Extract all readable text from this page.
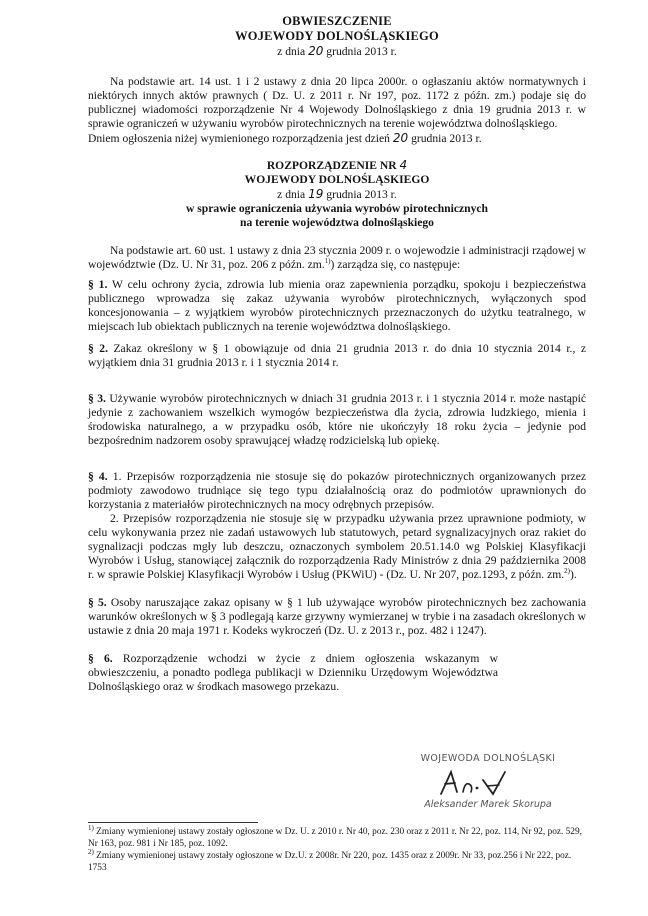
OBWIESZCZENIE
WOJEWODY DOLNOŚLĄSKIEGO
z dnia 20 grudnia 2013 r.

Na podstawie art. 14 ust. 1 i 2 ustawy z dnia 20 lipca 2000r. o ogłaszaniu aktów normatywnych i niektórych innych aktów prawnych ( Dz. U. z 2011 r. Nr 197, poz. 1172 z późn. zm.) podaje się do publicznej wiadomości rozporządzenie Nr 4 Wojewody Dolnośląskiego z dnia 19 grudnia 2013 r. w sprawie ograniczeń w używaniu wyrobów pirotechnicznych na terenie województwa dolnośląskiego.

Dniem ogłoszenia niżej wymienionego rozporządzenia jest dzień 20 grudnia 2013 r.

ROZPORZĄDZENIE NR 4
WOJEWODY DOLNOŚLĄSKIEGO
z dnia 19 grudnia 2013 r.
w sprawie ograniczenia używania wyrobów pirotechnicznych
na terenie województwa dolnośląskiego

Na podstawie art. 60 ust. 1 ustawy z dnia 23 stycznia 2009 r. o wojewodzie i administracji rządowej w województwie (Dz. U. Nr 31, poz. 206 z późn. zm.$^{1)}$) zarządza się, co następuje:

§ 1. W celu ochrony życia, zdrowia lub mienia oraz zapewnienia porządku, spokoju i bezpieczeństwa publicznego wprowadza się zakaz używania wyrobów pirotechnicznych, wyłączonych spod koncesjonowania – z wyjątkiem wyrobów pirotechnicznych przeznaczonych do użytku teatralnego, w miejscach lub obiektach publicznych na terenie województwa dolnośląskiego.

§ 2. Zakaz określony w § 1 obowiązuje od dnia 21 grudnia 2013 r. do dnia 10 stycznia 2014 r., z wyjątkiem dnia 31 grudnia 2013 r. i 1 stycznia 2014 r.

§ 3. Używanie wyrobów pirotechnicznych w dniach 31 grudnia 2013 r. i 1 stycznia 2014 r. może nastąpić jedynie z zachowaniem wszelkich wymogów bezpieczeństwa dla życia, zdrowia ludzkiego, mienia i środowiska naturalnego, a w przypadku osób, które nie ukończyły 18 roku życia – jedynie pod bezpośrednim nadzorem osoby sprawującej władzę rodzicielską lub opiekę.

§ 4. 1. Przepisów rozporządzenia nie stosuje się do pokazów pirotechnicznych organizowanych przez podmioty zawodowo trudniące się tego typu działalnością oraz do podmiotów uprawnionych do korzystania z materiałów pirotechnicznych na mocy odrębnych przepisów.

2. Przepisów rozporządzenia nie stosuje się w przypadku używania przez uprawnione podmioty, w celu wykonywania przez nie zadań ustawowych lub statutowych, petard sygnalizacyjnych oraz rakiet do sygnalizacji podczas mgły lub deszczu, oznaczonych symbolem 20.51.14.0 wg Polskiej Klasyfikacji Wyrobów i Usług, stanowiącej załącznik do rozporządzenia Rady Ministrów z dnia 29 października 2008 r. w sprawie Polskiej Klasyfikacji Wyrobów i Usług (PKWiU) - (Dz. U. Nr 207, poz.1293, z późn. zm.$^{2)}$).

§ 5. Osoby naruszające zakaz opisany w § 1 lub używające wyrobów pirotechnicznych bez zachowania warunków określonych w § 3 podlegają karze grzywny wymierzanej w trybie i na zasadach określonych w ustawie z dnia 20 maja 1971 r. Kodeks wykroczeń (Dz. U. z 2013 r., poz. 482 i 1247).

§ 6. Rozporządzenie wchodzi w życie z dniem ogłoszenia wskazanym w obwieszczeniu, a ponadto podlega publikacji w Dzienniku Urzędowym Województwa Dolnośląskiego oraz w środkach masowego przekazu.

WOJEWODA DOLNOŚLĄSKI
Aleksander Marek Skorupa

$^{1)}$ Zmiany wymienionej ustawy zostały ogłoszone w Dz. U. z 2010 r. Nr 40, poz. 230 oraz z 2011 r. Nr 22, poz. 114, Nr 92, poz. 529, Nr 163, poz. 981 i Nr 185, poz. 1092.

$^{2)}$ Zmiany wymienionej ustawy zostały ogłoszone w Dz.U. z 2008r. Nr 220, poz. 1435 oraz z 2009r. Nr 33, poz.256 i Nr 222, poz. 1753
